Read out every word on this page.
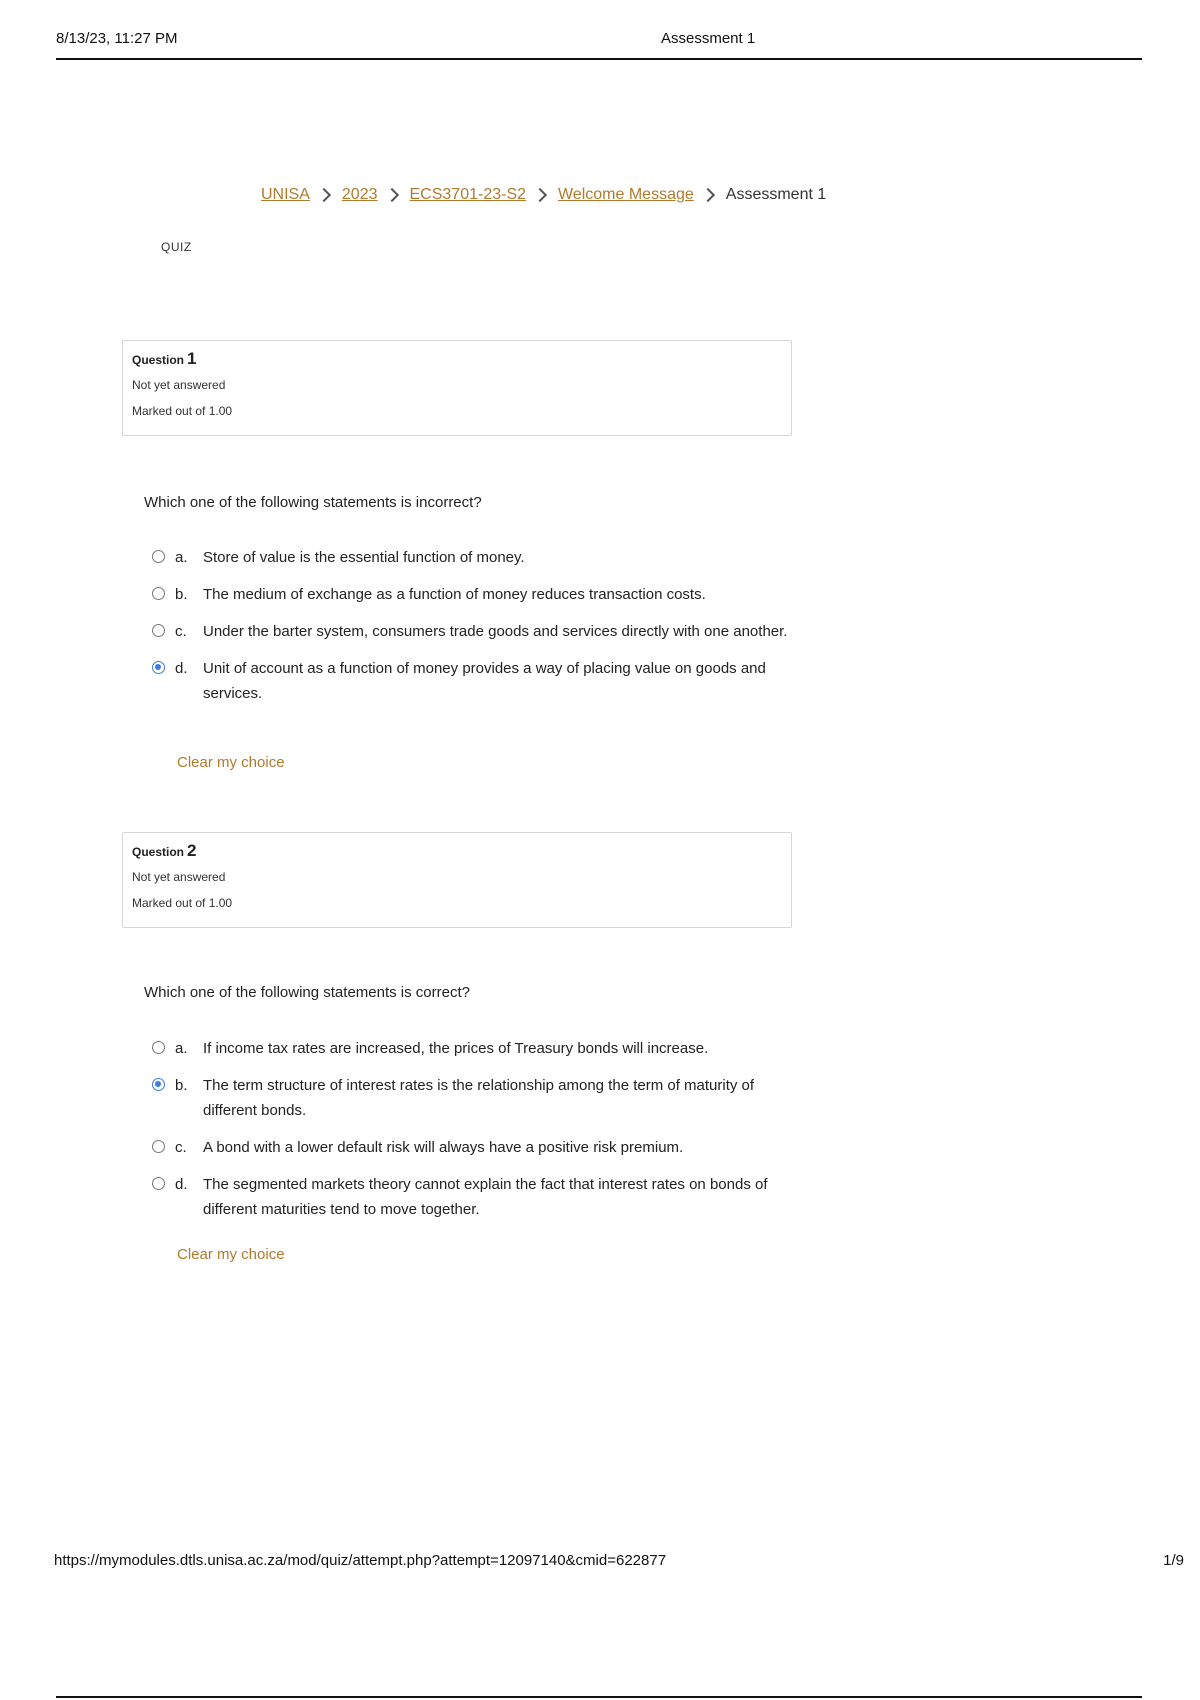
8/13/23, 11:27 PM	Assessment 1
UNISA 2023 ECS3701-23-S2 Welcome Message Assessment 1
QUIZ
Question 1
Not yet answered
Marked out of 1.00
Which one of the following statements is incorrect?
a.	Store of value is the essential function of money.
b.	The medium of exchange as a function of money reduces transaction costs.
c.	Under the barter system, consumers trade goods and services directly with one another.
d.	Unit of account as a function of money provides a way of placing value on goods and services.
Clear my choice
Question 2
Not yet answered
Marked out of 1.00
Which one of the following statements is correct?
a.	If income tax rates are increased, the prices of Treasury bonds will increase.
b.	The term structure of interest rates is the relationship among the term of maturity of different bonds.
c.	A bond with a lower default risk will always have a positive risk premium.
d.	The segmented markets theory cannot explain the fact that interest rates on bonds of different maturities tend to move together.
Clear my choice
https://mymodules.dtls.unisa.ac.za/mod/quiz/attempt.php?attempt=12097140&cmid=622877	1/9
